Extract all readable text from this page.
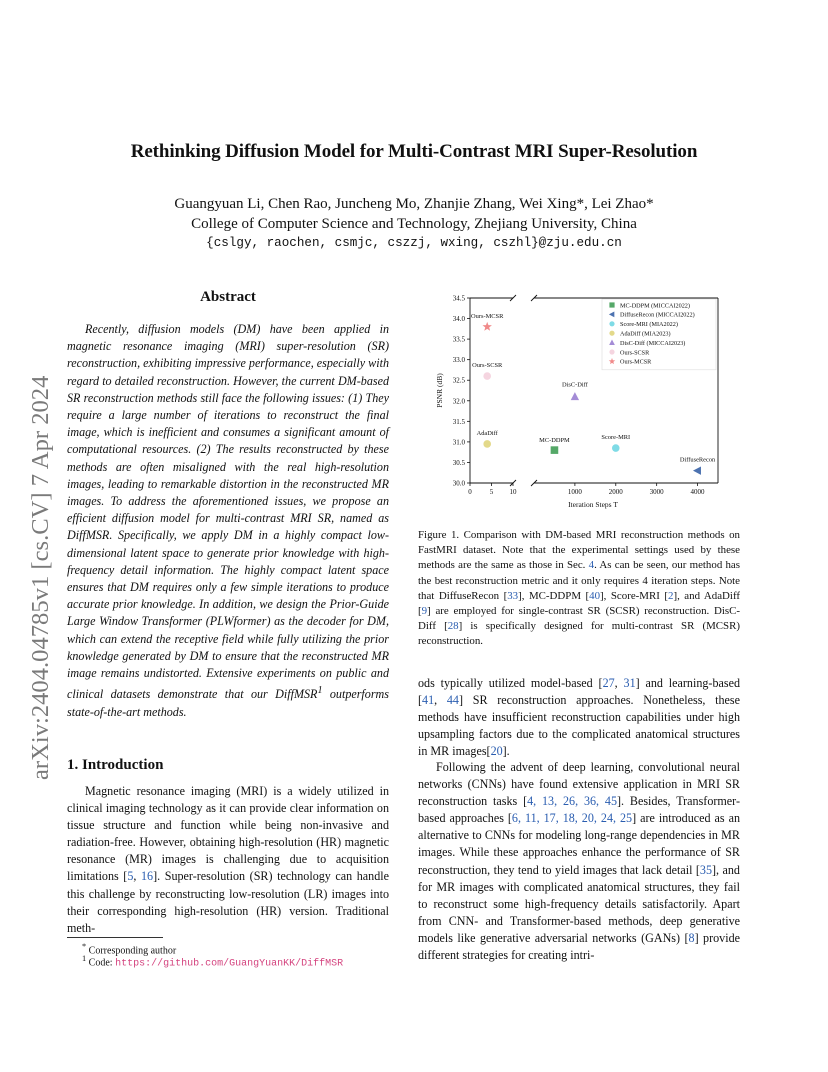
arXiv:2404.04785v1 [cs.CV] 7 Apr 2024
Rethinking Diffusion Model for Multi-Contrast MRI Super-Resolution
Guangyuan Li, Chen Rao, Juncheng Mo, Zhanjie Zhang, Wei Xing*, Lei Zhao*
College of Computer Science and Technology, Zhejiang University, China
{cslgy, raochen, csmjc, cszzj, wxing, cszhl}@zju.edu.cn
Abstract

Recently, diffusion models (DM) have been applied in magnetic resonance imaging (MRI) super-resolution (SR) reconstruction, exhibiting impressive performance, especially with regard to detailed reconstruction. However, the current DM-based SR reconstruction methods still face the following issues: (1) They require a large number of iterations to reconstruct the final image, which is inefficient and consumes a significant amount of computational resources. (2) The results reconstructed by these methods are often misaligned with the real high-resolution images, leading to remarkable distortion in the reconstructed MR images. To address the aforementioned issues, we propose an efficient diffusion model for multi-contrast MRI SR, named as DiffMSR. Specifically, we apply DM in a highly compact low-dimensional latent space to generate prior knowledge with high-frequency detail information. The highly compact latent space ensures that DM requires only a few simple iterations to produce accurate prior knowledge. In addition, we design the Prior-Guide Large Window Transformer (PLWformer) as the decoder for DM, which can extend the receptive field while fully utilizing the prior knowledge generated by DM to ensure that the reconstructed MR image remains undistorted. Extensive experiments on public and clinical datasets demonstrate that our DiffMSR$^1$ outperforms state-of-the-art methods.

1. Introduction

Magnetic resonance imaging (MRI) is a widely utilized in clinical imaging technology as it can provide clear information on tissue structure and function while being non-invasive and radiation-free. However, obtaining high-resolution (HR) magnetic resonance (MR) images is challenging due to acquisition limitations [5, 16]. Super-resolution (SR) technology can handle this challenge by reconstructing low-resolution (LR) images into their corresponding high-resolution (HR) version. Traditional meth-

* Corresponding author
$^1$ Code: https://github.com/GuangYuanKK/DiffMSR
30.0
30.5
31.0
31.5
32.0
32.5
33.0
33.5
34.0
34.5
0	5 10	1000	2000	3000	4000
Iteration Steps T
PSNR (dB)
MC-DDPM
DiffuseRecon
Score-MRI
AdaDiff
DisC-Diff
Ours-SCSR
Ours-MCSR
MC-DDPM (MICCAI2022)
DiffuseRecon (MICCAI2022)
Score-MRI (MIA2022)
AdaDiff (MIA2023)
DisC-Diff (MICCAI2023)
Ours-SCSR
Ours-MCSR

Figure 1. Comparison with DM-based MRI reconstruction methods on FastMRI dataset. Note that the experimental settings used by these methods are the same as those in Sec. 4. As can be seen, our method has the best reconstruction metric and it only requires 4 iteration steps. Note that DiffuseRecon [33], MC-DDPM [40], Score-MRI [2], and AdaDiff [9] are employed for single-contrast SR (SCSR) reconstruction. DisC-Diff [28] is specifically designed for multi-contrast SR (MCSR) reconstruction.

ods typically utilized model-based [27, 31] and learning-based [41, 44] SR reconstruction approaches. Nonetheless, these methods have insufficient reconstruction capabilities under high upsampling factors due to the complicated anatomical structures in MR images[20].

Following the advent of deep learning, convolutional neural networks (CNNs) have found extensive application in MRI SR reconstruction tasks [4, 13, 26, 36, 45]. Besides, Transformer-based approaches [6, 11, 17, 18, 20, 24, 25] are introduced as an alternative to CNNs for modeling long-range dependencies in MR images. While these approaches enhance the performance of SR reconstruction, they tend to yield images that lack detail [35], and for MR images with complicated anatomical structures, they fail to reconstruct some high-frequency details satisfactorily. Apart from CNN- and Transformer-based methods, deep generative models like generative adversarial networks (GANs) [8] provide different strategies for creating intri-
